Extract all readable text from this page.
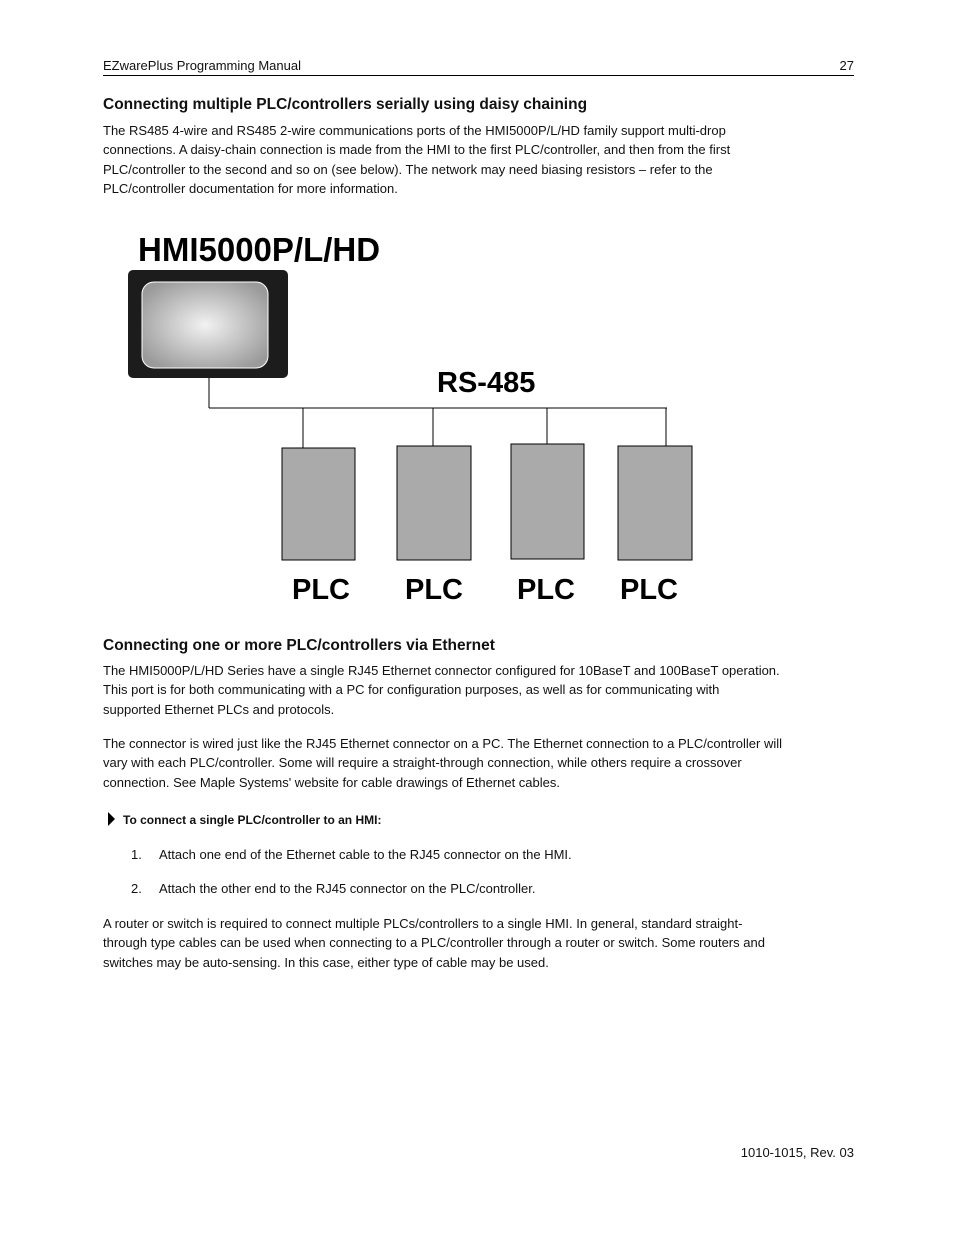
EZwarePlus Programming Manual	27
Connecting multiple PLC/controllers serially using daisy chaining
The RS485 4-wire and RS485 2-wire communications ports of the HMI5000P/L/HD family support multi-drop
connections. A daisy-chain connection is made from the HMI to the first PLC/controller, and then from the first
PLC/controller to the second and so on (see below). The network may need biasing resistors – refer to the
PLC/controller documentation for more information.
HMI5000P/L/HD
RS-485
PLC PLC PLC PLC
Connecting one or more PLC/controllers via Ethernet
The HMI5000P/L/HD Series have a single RJ45 Ethernet connector configured for 10BaseT and 100BaseT operation.
This port is for both communicating with a PC for configuration purposes, as well as for communicating with
supported Ethernet PLCs and protocols.
The connector is wired just like the RJ45 Ethernet connector on a PC. The Ethernet connection to a PLC/controller will
vary with each PLC/controller. Some will require a straight-through connection, while others require a crossover
connection. See Maple Systems' website for cable drawings of Ethernet cables.
To connect a single PLC/controller to an HMI:
1. Attach one end of the Ethernet cable to the RJ45 connector on the HMI.
2. Attach the other end to the RJ45 connector on the PLC/controller.
A router or switch is required to connect multiple PLCs/controllers to a single HMI. In general, standard straight-
through type cables can be used when connecting to a PLC/controller through a router or switch. Some routers and
switches may be auto-sensing. In this case, either type of cable may be used.
1010-1015, Rev. 03
